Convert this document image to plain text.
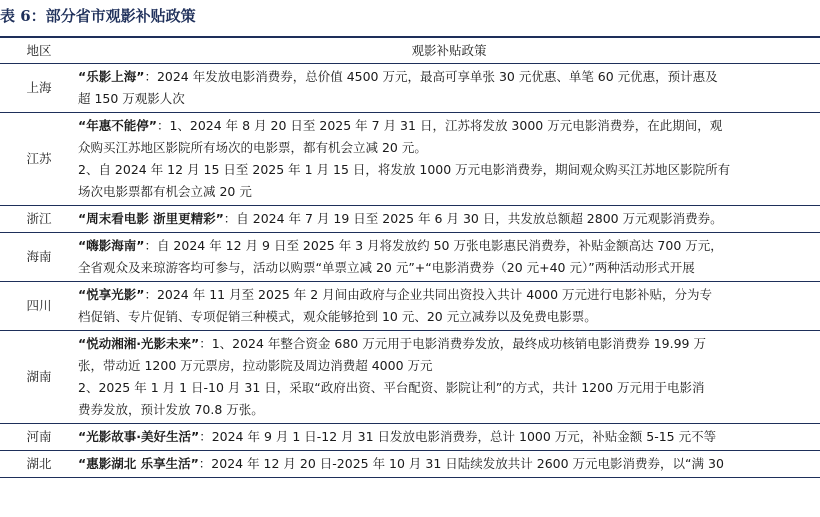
表 6：部分省市观影补贴政策
地区	观影补贴政策
上海	“乐影上海”：2024 年发放电影消费券，总价值 4500 万元，最高可享单张 30 元优惠、单笔 60 元优惠，预计惠及
超 150 万观影人次

江苏	“年惠不能停”：1、2024 年 8 月 20 日至 2025 年 7 月 31 日，江苏将发放 3000 万元电影消费券，在此期间，观
众购买江苏地区影院所有场次的电影票，都有机会立减 20 元。
2、自 2024 年 12 月 15 日至 2025 年 1 月 15 日，将发放 1000 万元电影消费券，期间观众购买江苏地区影院所有
场次电影票都有机会立减 20 元

浙江	“周末看电影 浙里更精彩”：自 2024 年 7 月 19 日至 2025 年 6 月 30 日，共发放总额超 2800 万元观影消费券。

海南	“嗨影海南”：自 2024 年 12 月 9 日至 2025 年 3 月将发放约 50 万张电影惠民消费券，补贴金额高达 700 万元，
全省观众及来琼游客均可参与，活动以购票“单票立减 20 元”+“电影消费券（20 元+40 元）”两种活动形式开展

四川	“悦享光影”：2024 年 11 月至 2025 年 2 月间由政府与企业共同出资投入共计 4000 万元进行电影补贴，分为专
档促销、专片促销、专项促销三种模式，观众能够抢到 10 元、20 元立减券以及免费电影票。

湖南	“悦动湘湘·光影未来”：1、2024 年整合资金 680 万元用于电影消费券发放，最终成功核销电影消费券 19.99 万
张，带动近 1200 万元票房，拉动影院及周边消费超 4000 万元
2、2025 年 1 月 1 日-10 月 31 日，采取“政府出资、平台配资、影院让利”的方式，共计 1200 万元用于电影消
费券发放，预计发放 70.8 万张。

河南	“光影故事·美好生活”：2024 年 9 月 1 日-12 月 31 日发放电影消费券，总计 1000 万元，补贴金额 5-15 元不等

湖北	“惠影湖北 乐享生活”：2024 年 12 月 20 日-2025 年 10 月 31 日陆续发放共计 2600 万元电影消费券，以“满 30
